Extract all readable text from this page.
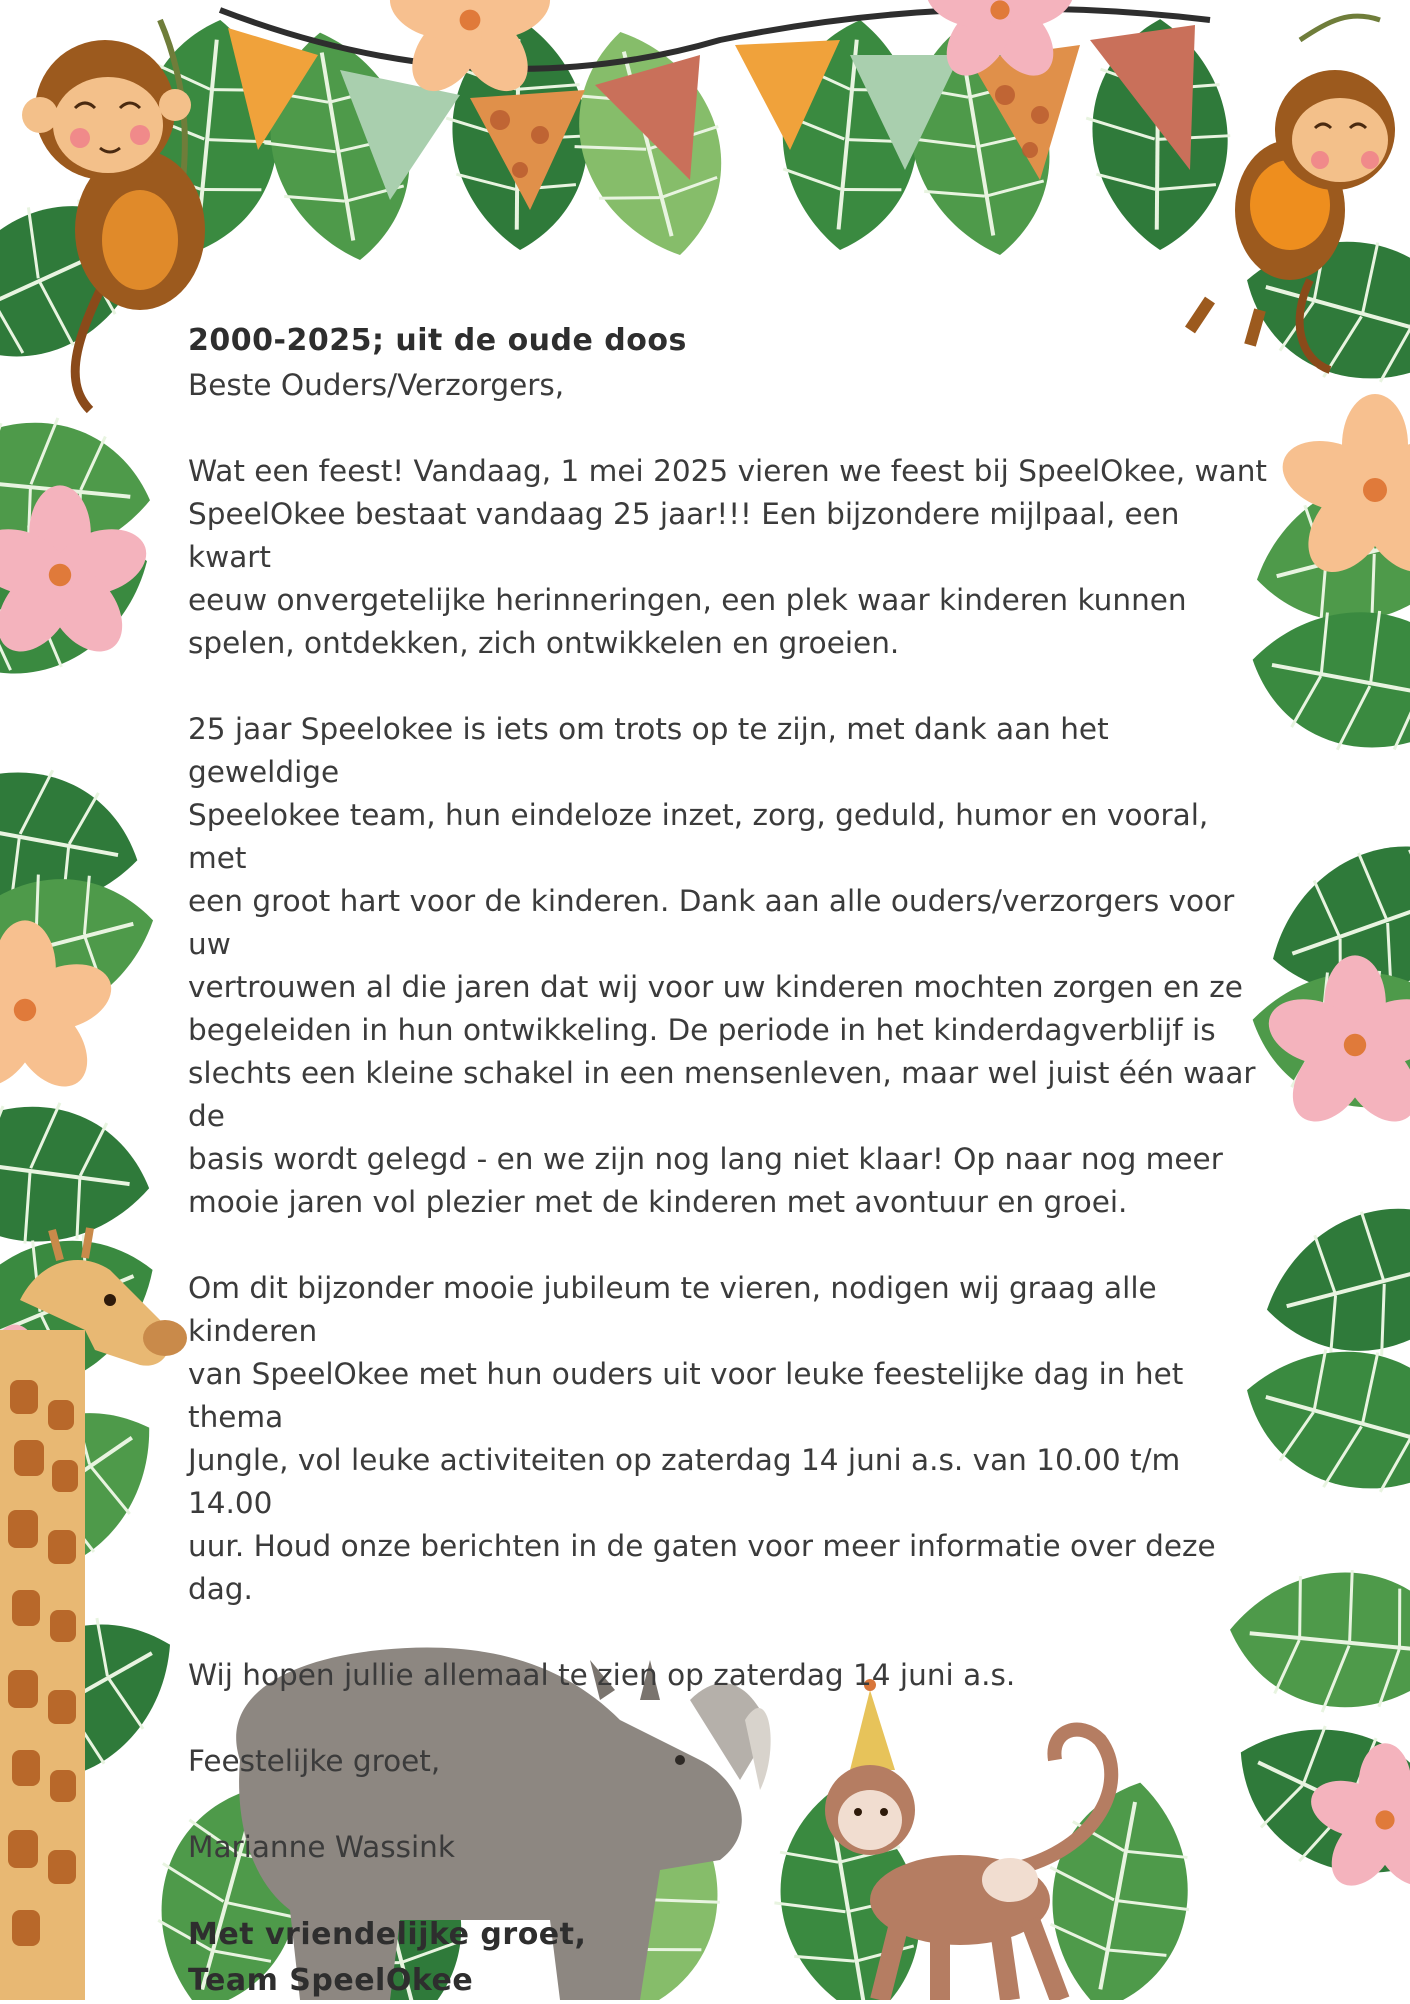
2000-2025; uit de oude doos

Beste Ouders/Verzorgers,

Wat een feest! Vandaag, 1 mei 2025 vieren we feest bij SpeelOkee, want

SpeelOkee bestaat vandaag 25 jaar!!! Een bijzondere mijlpaal, een kwart

eeuw onvergetelijke herinneringen, een plek waar kinderen kunnen

spelen, ontdekken, zich ontwikkelen en groeien.

25 jaar Speelokee is iets om trots op te zijn, met dank aan het geweldige

Speelokee team, hun eindeloze inzet, zorg, geduld, humor en vooral, met

een groot hart voor de kinderen. Dank aan alle ouders/verzorgers voor uw

vertrouwen al die jaren dat wij voor uw kinderen mochten zorgen en ze

begeleiden in hun ontwikkeling. De periode in het kinderdagverblijf is

slechts een kleine schakel in een mensenleven, maar wel juist één waar de

basis wordt gelegd - en we zijn nog lang niet klaar! Op naar nog meer

mooie jaren vol plezier met de kinderen met avontuur en groei.

Om dit bijzonder mooie jubileum te vieren, nodigen wij graag alle kinderen

van SpeelOkee met hun ouders uit voor leuke feestelijke dag in het thema

Jungle, vol leuke activiteiten op zaterdag 14 juni a.s. van 10.00 t/m 14.00

uur. Houd onze berichten in de gaten voor meer informatie over deze dag.

Wij hopen jullie allemaal te zien op zaterdag 14 juni a.s.

Feestelijke groet,

Marianne Wassink

Met vriendelijke groet,
Team SpeelOkee
